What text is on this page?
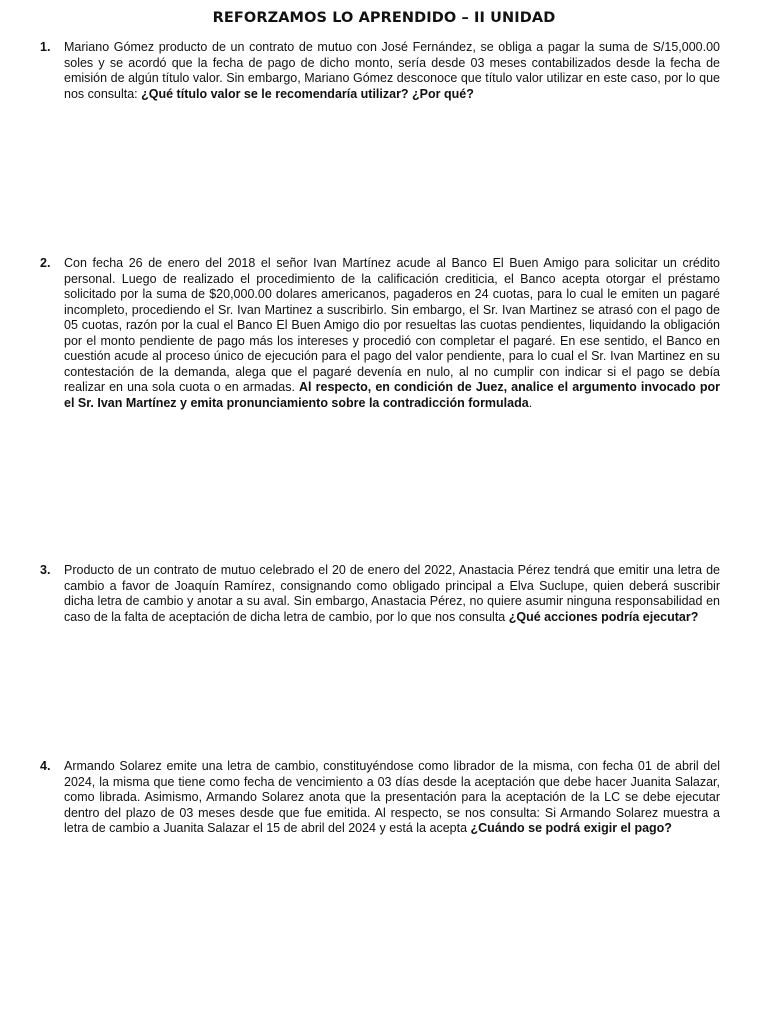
REFORZAMOS LO APRENDIDO – II UNIDAD
1. Mariano Gómez producto de un contrato de mutuo con José Fernández, se obliga a pagar la suma de S/15,000.00 soles y se acordó que la fecha de pago de dicho monto, sería desde 03 meses contabilizados desde la fecha de emisión de algún título valor. Sin embargo, Mariano Gómez desconoce que título valor utilizar en este caso, por lo que nos consulta: ¿Qué título valor se le recomendaría utilizar? ¿Por qué?
2. Con fecha 26 de enero del 2018 el señor Ivan Martínez acude al Banco El Buen Amigo para solicitar un crédito personal. Luego de realizado el procedimiento de la calificación crediticia, el Banco acepta otorgar el préstamo solicitado por la suma de $20,000.00 dolares americanos, pagaderos en 24 cuotas, para lo cual le emiten un pagaré incompleto, procediendo el Sr. Ivan Martinez a suscribirlo. Sin embargo, el Sr. Ivan Martinez se atrasó con el pago de 05 cuotas, razón por la cual el Banco El Buen Amigo dio por resueltas las cuotas pendientes, liquidando la obligación por el monto pendiente de pago más los intereses y procedió con completar el pagaré. En ese sentido, el Banco en cuestión acude al proceso único de ejecución para el pago del valor pendiente, para lo cual el Sr. Ivan Martinez en su contestación de la demanda, alega que el pagaré devenía en nulo, al no cumplir con indicar si el pago se debía realizar en una sola cuota o en armadas. Al respecto, en condición de Juez, analice el argumento invocado por el Sr. Ivan Martínez y emita pronunciamiento sobre la contradicción formulada.
3. Producto de un contrato de mutuo celebrado el 20 de enero del 2022, Anastacia Pérez tendrá que emitir una letra de cambio a favor de Joaquín Ramírez, consignando como obligado principal a Elva Suclupe, quien deberá suscribir dicha letra de cambio y anotar a su aval. Sin embargo, Anastacia Pérez, no quiere asumir ninguna responsabilidad en caso de la falta de aceptación de dicha letra de cambio, por lo que nos consulta ¿Qué acciones podría ejecutar?
4. Armando Solarez emite una letra de cambio, constituyéndose como librador de la misma, con fecha 01 de abril del 2024, la misma que tiene como fecha de vencimiento a 03 días desde la aceptación que debe hacer Juanita Salazar, como librada. Asimismo, Armando Solarez anota que la presentación para la aceptación de la LC se debe ejecutar dentro del plazo de 03 meses desde que fue emitida. Al respecto, se nos consulta: Si Armando Solarez muestra a letra de cambio a Juanita Salazar el 15 de abril del 2024 y está la acepta ¿Cuándo se podrá exigir el pago?
